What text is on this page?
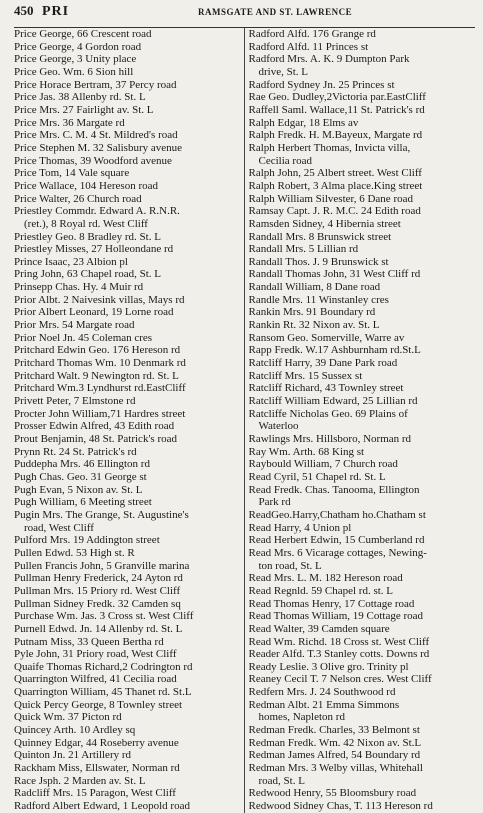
450 PRI	RAMSGATE AND ST. LAWRENCE
Price George, 66 Crescent road
Price George, 4 Gordon road
Price George, 3 Unity place
Price Geo. Wm. 6 Sion hill
Price Horace Bertram, 37 Percy road
Price Jas. 38 Allenby rd. St. L
Price Mrs. 27 Fairlight av. St. L
Price Mrs. 36 Margate rd
Price Mrs. C. M. 4 St. Mildred's road
Price Stephen M. 32 Salisbury avenue
Price Thomas, 39 Woodford avenue
Price Tom, 14 Vale square
Price Wallace, 104 Hereson road
Price Walter, 26 Church road
Priestley Commdr. Edward A. R.N.R.
(ret.), 8 Royal rd. West Cliff
Priestley Geo. 8 Bradley rd. St. L
Priestley Misses, 27 Holleondane rd
Prince Isaac, 23 Albion pl
Pring John, 63 Chapel road, St. L
Prinsepp Chas. Hy. 4 Muir rd
Prior Albt. 2 Naivesink villas, Mays rd
Prior Albert Leonard, 19 Lorne road
Prior Mrs. 54 Margate road
Prior Noel Jn. 45 Coleman cres
Pritchard Edwin Geo. 176 Hereson rd
Pritchard Thomas Wm. 10 Denmark rd
Pritchard Walt. 9 Newington rd. St. L
Pritchard Wm.3 Lyndhurst rd.EastCliff
Privett Peter, 7 Elmstone rd
Procter John William,71 Hardres street
Prosser Edwin Alfred, 43 Edith road
Prout Benjamin, 48 St. Patrick's road
Prynn Rt. 24 St. Patrick's rd
Puddepha Mrs. 46 Ellington rd
Pugh Chas. Geo. 31 George st
Pugh Evan, 5 Nixon av. St. L
Pugh William, 6 Meeting street
Pugin Mrs. The Grange, St. Augustine's
road, West Cliff
Pulford Mrs. 19 Addington street
Pullen Edwd. 53 High st. R
Pullen Francis John, 5 Granville marina
Pullman Henry Frederick, 24 Ayton rd
Pullman Mrs. 15 Priory rd. West Cliff
Pullman Sidney Fredk. 32 Camden sq
Purchase Wm. Jas. 3 Cross st. West Cliff
Purnell Edwd. Jn. 14 Allenby rd. St. L
Putnam Miss, 33 Queen Bertha rd
Pyle John, 31 Priory road, West Cliff
Quaife Thomas Richard,2 Codrington rd
Quarrington Wilfred, 41 Cecilia road
Quarrington William, 45 Thanet rd. St.L
Quick Percy George, 8 Townley street
Quick Wm. 37 Picton rd
Quincey Arth. 10 Ardley sq
Quinney Edgar, 44 Roseberry avenue
Quinton Jn. 21 Artillery rd
Rackham Miss, Ellswater, Norman rd
Race Jsph. 2 Marden av. St. L
Radcliff Mrs. 15 Paragon, West Cliff
Radford Albert Edward, 1 Leopold road
Radford Alfd. 176 Grange rd
Radford Alfd. 11 Princes st
Radford Mrs. A. K. 9 Dumpton Park
drive, St. L
Radford Sydney Jn. 25 Princes st
Rae Geo. Dudley,2Victoria par.EastCliff
Raffell Saml. Wallace,11 St. Patrick's rd
Ralph Edgar, 18 Elms av
Ralph Fredk. H. M.Bayeux, Margate rd
Ralph Herbert Thomas, Invicta villa,
Cecilia road
Ralph John, 25 Albert street. West Cliff
Ralph Robert, 3 Alma place.King street
Ralph William Silvester, 6 Dane road
Ramsay Capt. J. R. M.C. 24 Edith road
Ramsden Sidney, 4 Hibernia street
Randall Mrs. 8 Brunswick street
Randall Mrs. 5 Lillian rd
Randall Thos. J. 9 Brunswick st
Randall Thomas John, 31 West Cliff rd
Randall William, 8 Dane road
Randle Mrs. 11 Winstanley cres
Rankin Mrs. 91 Boundary rd
Rankin Rt. 32 Nixon av. St. L
Ransom Geo. Somerville, Warre av
Rapp Fredk. W.17 Ashburnham rd.St.L
Ratcliff Harry, 39 Dane Park road
Ratcliff Mrs. 15 Sussex st
Ratcliff Richard, 43 Townley street
Ratcliff William Edward, 25 Lillian rd
Ratcliffe Nicholas Geo. 69 Plains of
Waterloo
Rawlings Mrs. Hillsboro, Norman rd
Ray Wm. Arth. 68 King st
Raybould William, 7 Church road
Read Cyril, 51 Chapel rd. St. L
Read Fredk. Chas. Tanooma, Ellington
Park rd
ReadGeo.Harry,Chatham ho.Chatham st
Read Harry, 4 Union pl
Read Herbert Edwin, 15 Cumberland rd
Read Mrs. 6 Vicarage cottages, Newing-
ton road, St. L
Read Mrs. L. M. 182 Hereson road
Read Regnld. 59 Chapel rd. st. L
Read Thomas Henry, 17 Cottage road
Read Thomas William, 19 Cottage road
Read Walter, 39 Camden square
Read Wm. Richd. 18 Cross st. West Cliff
Reader Alfd. T.3 Stanley cotts. Downs rd
Ready Leslie. 3 Olive gro. Trinity pl
Reaney Cecil T. 7 Nelson cres. West Cliff
Redfern Mrs. J. 24 Southwood rd
Redman Albt. 21 Emma Simmons
homes, Napleton rd
Redman Fredk. Charles, 33 Belmont st
Redman Fredk. Wm. 42 Nixon av. St.L
Redman James Alfred, 54 Boundary rd
Redman Mrs. 3 Welby villas, Whitehall
road, St. L
Redwood Henry, 55 Bloomsbury road
Redwood Sidney Chas, T. 113 Hereson rd
